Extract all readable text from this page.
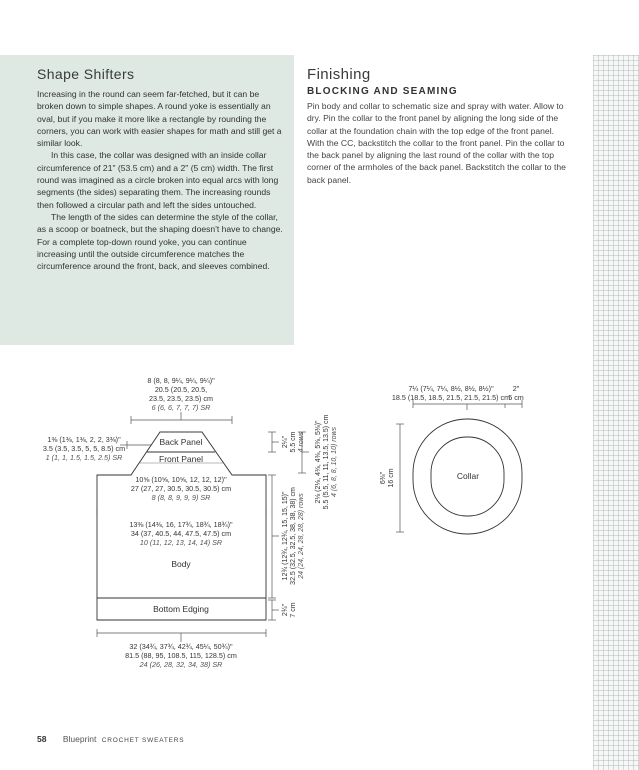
Shape Shifters

Increasing in the round can seem far-fetched, but it can be broken down to simple shapes. A round yoke is essentially an oval, but if you make it more like a rectangle by rounding the corners, you can work with easier shapes for math and still get a similar look.

In this case, the collar was designed with an inside collar circumference of 21" (53.5 cm) and a 2" (5 cm) width. The first round was imagined as a circle broken into equal arcs with long segments (the sides) separating them. The increasing rounds then followed a circular path and left the sides untouched.

The length of the sides can determine the style of the collar, as a scoop or boatneck, but the shaping doesn't have to change. For a complete top-down round yoke, you can continue increasing until the outside circumference matches the circumference around the front, back, and sleeves combined.

Finishing
BLOCKING AND SEAMING
Pin body and collar to schematic size and spray with water. Allow to dry. Pin the collar to the front panel by aligning the long side of the collar at the foundation chain with the top edge of the front panel. With the CC, backstitch the collar to the front panel. Pin the collar to the back panel by aligning the last round of the collar with the top corner of the armholes of the back panel. Backstitch the collar to the back panel.
8 (8, 8, 9¼, 9¼, 9¼)"
20.5 (20.5, 20.5,
23.5, 23.5, 23.5) cm
6 (6, 6, 7, 7, 7) SR
1⅜ (1⅜, 1⅜, 2, 2, 3⅜)"
3.5 (3.5, 3.5, 5, 5, 8.5) cm
1 (1, 1, 1.5, 1.5, 2.5) SR
Back Panel
Front Panel
10⅝ (10⅝, 10⅝, 12, 12, 12)"
27 (27, 27, 30.5, 30.5, 30.5) cm
8 (8, 8, 9, 9, 9) SR
13⅜ (14⅜, 16, 17¾, 18¾, 18¾)"
34 (37, 40.5, 44, 47.5, 47.5) cm
10 (11, 12, 13, 14, 14) SR
Body
Bottom Edging
32 (34¾, 37¾, 42¾, 45¼, 50¾)"
81.5 (88, 95, 108.5, 115, 128.5) cm
24 (26, 28, 32, 34, 38) SR
7¼ (7¼, 7¼, 8½, 8½, 8½)"
18.5 (18.5, 18.5, 21.5, 21.5, 21.5) cm
2"
5 cm
Collar
2¼" 5.5 cm 4 rows 2⅛ (2⅛, 4⅜, 4⅜, 5⅜, 5⅜)" 5.5 (5.5, 11, 11, 13.5, 13.5) cm 4 (6, 8, 8, 10, 10) rows
12¾ (12¾, 12¾, 15, 15, 15)" 32.5 (32.5, 32.5, 38, 38, 38) cm 24 (24, 24, 28, 28, 28) rows
2¾" 7 cm
6⅜" 16 cm
58 Blueprint CROCHET SWEATERS
